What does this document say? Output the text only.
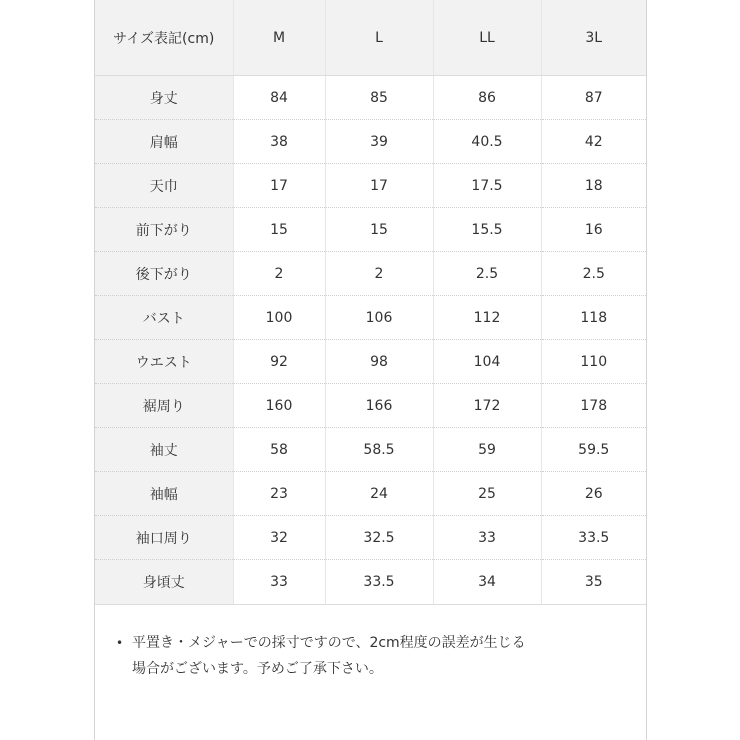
サイズ表記(cm)	M	L	LL	3L
身丈	84	85	86	87
肩幅	38	39	40.5	42
天巾	17	17	17.5	18
前下がり	15	15	15.5	16
後下がり	2	2	2.5	2.5
バスト	100	106	112	118
ウエスト	92	98	104	110
裾周り	160	166	172	178
袖丈	58	58.5	59	59.5
袖幅	23	24	25	26
袖口周り	32	32.5	33	33.5
身頃丈	33	33.5	34	35
• 平置き・メジャーでの採寸ですので、2cm程度の誤差が生じる
場合がございます。予めご了承下さい。
